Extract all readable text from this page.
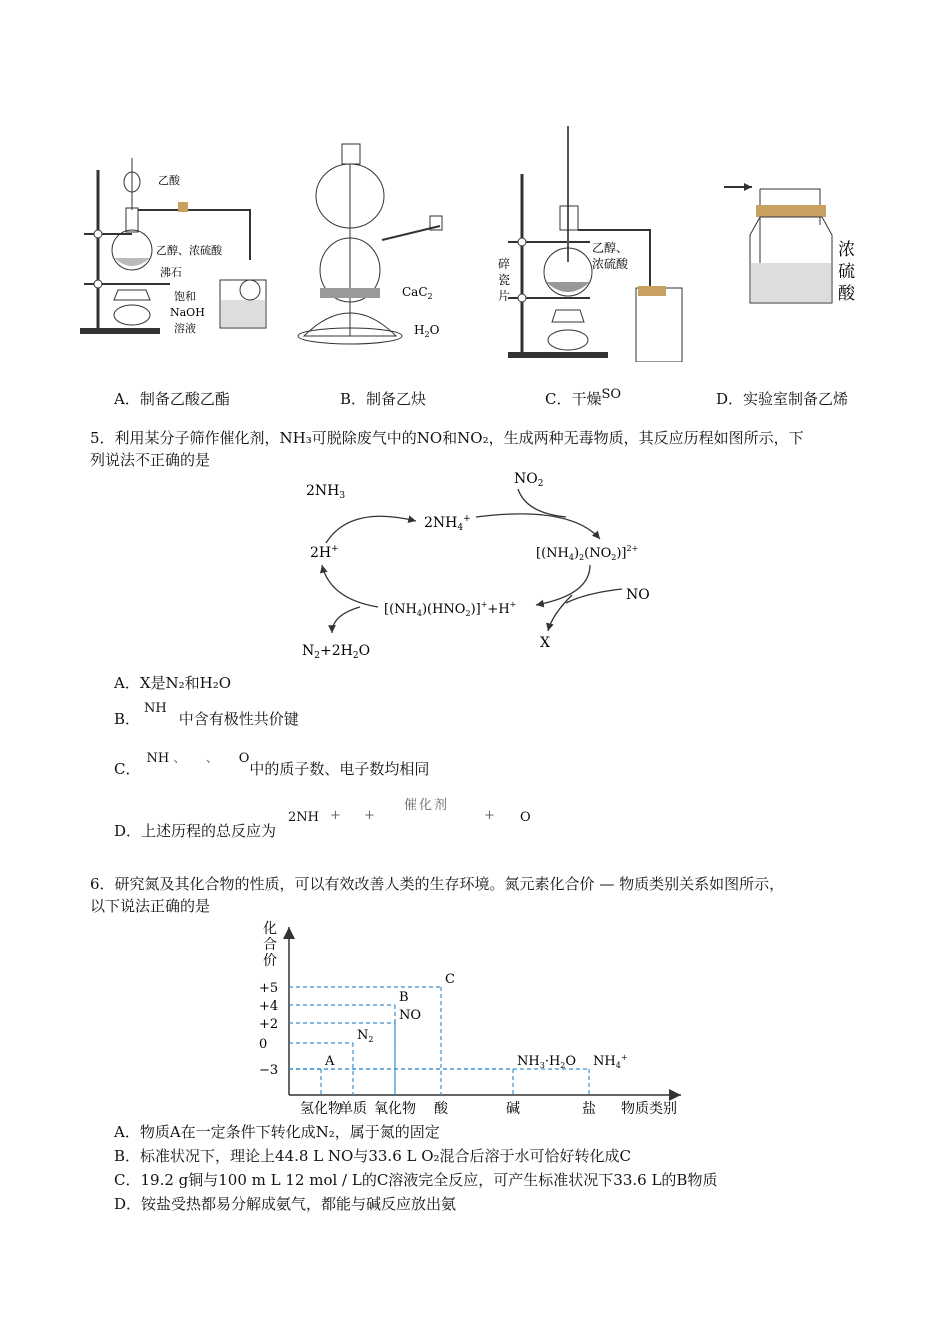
乙酸
乙醇、浓硫酸
沸石
饱和
NaOH
溶液
CaC$_2$
$H_2O$
乙醇、
浓硫酸
碎
瓷
片
浓
硫
酸
A．制备乙酸乙酯	B．制备乙炔	C．干燥SO	D．实验室制备乙烯
5．利用某分子筛作催化剂，NH₃可脱除废气中的NO和NO₂，生成两种无毒物质，其反应历程如图所示，下
列说法不正确的是
$2NH_3$
$2NH_4^+$
$NO_2$
$[(NH_4)_2(NO_2)]^{2+}$
NO
X
$[(NH_4)(HNO_2)]^++H^+$
2H+
$N_2+2H_2O$
A．X是N₂和H₂O
B．NH中含有极性共价键
C．NH 、 、 O中的质子数、电子数均相同
D．上述历程的总反应为
2NH + +
催化剂
+ O
6．研究氮及其化合物的性质，可以有效改善人类的生存环境。氮元素化合价 — 物质类别关系如图所示，
以下说法正确的是
化
合
价
+5
+4
+2
0
−3
氢化物
单质 氧化物 酸	碱	盐 物质类别
A
$N_2$
B
NO
C
$NH_3\cdot H_2O$ $NH_4^+$
A．物质A在一定条件下转化成N₂，属于氮的固定
B．标准状况下，理论上44.8 L NO与33.6 L O₂混合后溶于水可恰好转化成C
C．19.2 g铜与100 m L 12 mol / L的C溶液完全反应，可产生标准状况下33.6 L的B物质
D．铵盐受热都易分解成氨气，都能与碱反应放出氨
